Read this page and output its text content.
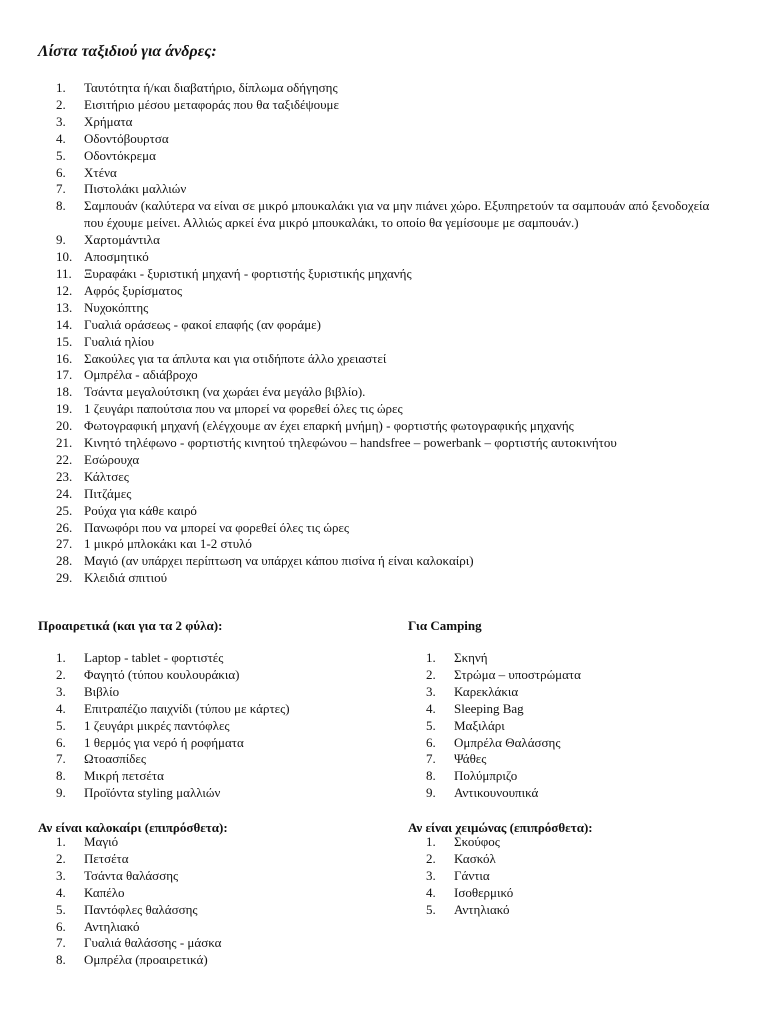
Λίστα ταξιδιού για άνδρες:
1.	Ταυτότητα ή/και διαβατήριο, δίπλωμα οδήγησης
2.	Εισιτήριο μέσου μεταφοράς που θα ταξιδέψουμε
3.	Χρήματα
4.	Οδοντόβουρτσα
5.	Οδοντόκρεμα
6.	Χτένα
7.	Πιστολάκι μαλλιών
8.	Σαμπουάν (καλύτερα να είναι σε μικρό μπουκαλάκι για να μην πιάνει χώρο. Εξυπηρετούν τα σαμπουάν από ξενοδοχεία που έχουμε μείνει. Αλλιώς αρκεί ένα μικρό μπουκαλάκι, το οποίο θα γεμίσουμε με σαμπουάν.)
9.	Χαρτομάντιλα
10. Αποσμητικό
11. Ξυραφάκι - ξυριστική μηχανή - φορτιστής ξυριστικής μηχανής
12. Αφρός ξυρίσματος
13. Νυχοκόπτης
14. Γυαλιά οράσεως - φακοί επαφής (αν φοράμε)
15. Γυαλιά ηλίου
16. Σακούλες για τα άπλυτα και για οτιδήποτε άλλο χρειαστεί
17. Ομπρέλα - αδιάβροχο
18. Τσάντα μεγαλούτσικη (να χωράει ένα μεγάλο βιβλίο).
19. 1 ζευγάρι παπούτσια που να μπορεί να φορεθεί όλες τις ώρες
20. Φωτογραφική μηχανή (ελέγχουμε αν έχει επαρκή μνήμη) - φορτιστής φωτογραφικής μηχανής
21. Κινητό τηλέφωνο - φορτιστής κινητού τηλεφώνου – handsfree – powerbank – φορτιστής αυτοκινήτου
22. Εσώρουχα
23. Κάλτσες
24. Πιτζάμες
25. Ρούχα για κάθε καιρό
26. Πανωφόρι που να μπορεί να φορεθεί όλες τις ώρες
27. 1 μικρό μπλοκάκι και 1-2 στυλό
28. Μαγιό (αν υπάρχει περίπτωση να υπάρχει κάπου πισίνα ή είναι καλοκαίρι)
29. Κλειδιά σπιτιού
Προαιρετικά (και για τα 2 φύλα):
1.	Laptop - tablet - φορτιστές
2.	Φαγητό (τύπου κουλουράκια)
3.	Βιβλίο
4.	Επιτραπέζιο παιχνίδι (τύπου με κάρτες)
5.	1 ζευγάρι μικρές παντόφλες
6.	1 θερμός για νερό ή ροφήματα
7.	Ωτοασπίδες
8.	Μικρή πετσέτα
9.	Προϊόντα styling μαλλιών
Για Camping
1.	Σκηνή
2.	Στρώμα – υποστρώματα
3.	Καρεκλάκια
4.	Sleeping Bag
5.	Μαξιλάρι
6.	Ομπρέλα Θαλάσσης
7.	Ψάθες
8.	Πολύμπριζο
9.	Αντικουνουπικά
Αν είναι καλοκαίρι (επιπρόσθετα):
1.	Μαγιό
2.	Πετσέτα
3.	Τσάντα θαλάσσης
4.	Καπέλο
5.	Παντόφλες θαλάσσης
6.	Αντηλιακό
7.	Γυαλιά θαλάσσης - μάσκα
8.	Ομπρέλα (προαιρετικά)
Αν είναι χειμώνας (επιπρόσθετα):
1.	Σκούφος
2.	Κασκόλ
3.	Γάντια
4.	Ισοθερμικό
5.	Αντηλιακό
